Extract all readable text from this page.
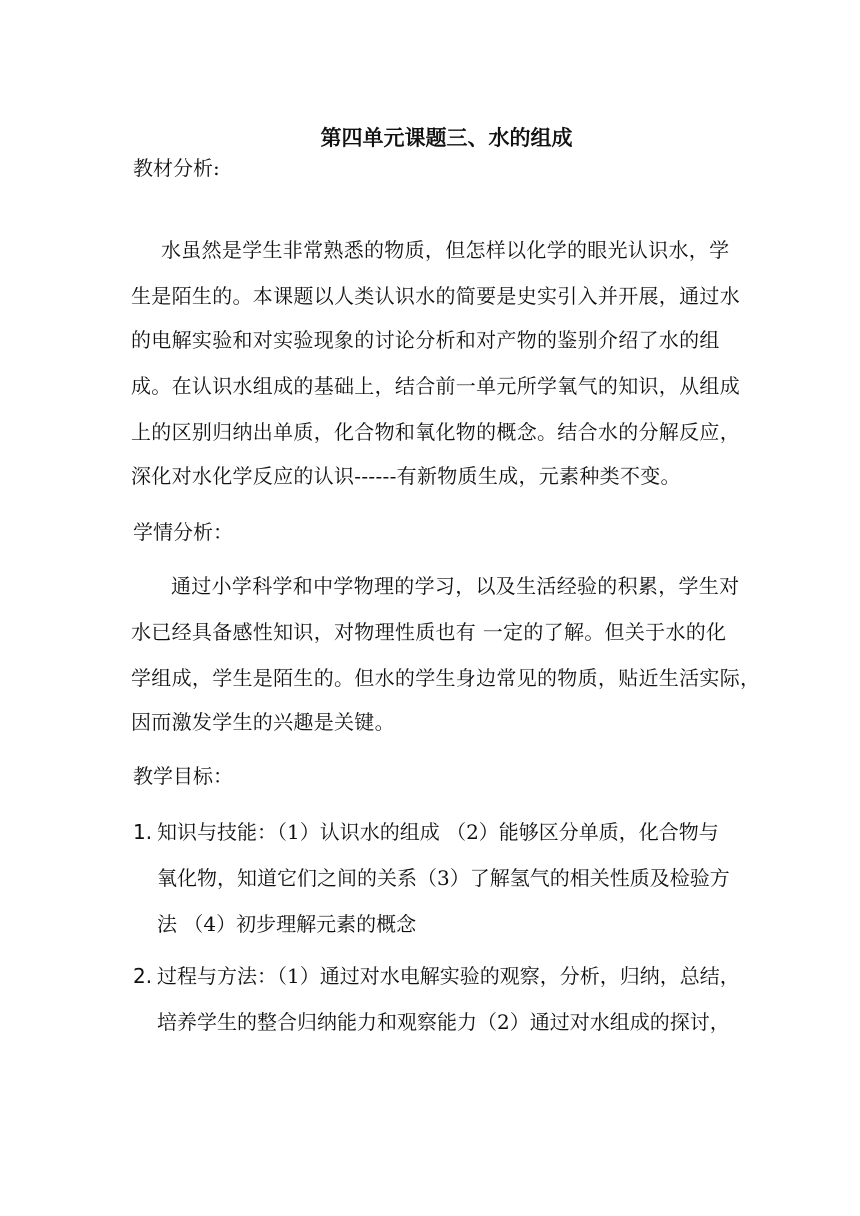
第四单元课题三、水的组成
教材分析:
水虽然是学生非常熟悉的物质，但怎样以化学的眼光认识水，学
生是陌生的。本课题以人类认识水的简要是史实引入并开展，通过水
的电解实验和对实验现象的讨论分析和对产物的鉴别介绍了水的组
成。在认识水组成的基础上，结合前一单元所学氧气的知识，从组成
上的区别归纳出单质，化合物和氧化物的概念。结合水的分解反应，
深化对水化学反应的认识------有新物质生成，元素种类不变。
学情分析：
通过小学科学和中学物理的学习，以及生活经验的积累，学生对
水已经具备感性知识，对物理性质也有 一定的了解。但关于水的化
学组成，学生是陌生的。但水的学生身边常见的物质，贴近生活实际，
因而激发学生的兴趣是关键。
教学目标：
1. 知识与技能：（1）认识水的组成 （2）能够区分单质，化合物与
氧化物，知道它们之间的关系（3）了解氢气的相关性质及检验方
法 （4）初步理解元素的概念
2. 过程与方法：（1）通过对水电解实验的观察，分析，归纳，总结，
培养学生的整合归纳能力和观察能力（2）通过对水组成的探讨，
